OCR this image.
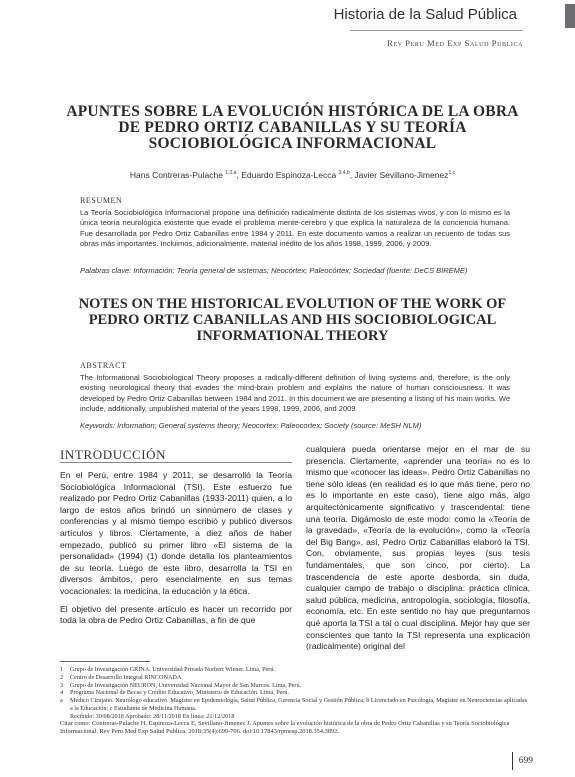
Historia de la Salud Pública
Rev Peru Med Exp Salud Publica
APUNTES SOBRE LA EVOLUCIÓN HISTÓRICA DE LA OBRA DE PEDRO ORTIZ CABANILLAS Y SU TEORÍA SOCIOBIOLÓGICA INFORMACIONAL
Hans Contreras-Pulache $^{1,2,a}$, Eduardo Espinoza-Lecca $^{3,4,b}$, Javier Sevillano-Jimenez$^{1,c}$
RESUMEN
La Teoría Sociobiológica Informacional propone una definición radicalmente distinta de los sistemas vivos, y con lo mismo es la única teoría neurológica existente que evade el problema mente-cerebro y que explica la naturaleza de la conciencia humana. Fue desarrollada por Pedro Ortiz Cabanillas entre 1984 y 2011. En este documento vamos a realizar un recuento de todas sus obras más importantes. Incluimos, adicionalmente, material inédito de los años 1998, 1999, 2006, y 2009.
Palabras clave: Información; Teoría general de sistemas; Neocórtex; Paleocórtex; Sociedad (fuente: DeCS BIREME)
NOTES ON THE HISTORICAL EVOLUTION OF THE WORK OF PEDRO ORTIZ CABANILLAS AND HIS SOCIOBIOLOGICAL INFORMATIONAL THEORY
ABSTRACT
The Informational Sociobiological Theory proposes a radically-different definition of living systems and, therefore, is the only existing neurological theory that evades the mind-brain problem and explains the nature of human consciousness. It was developed by Pedro Ortiz Cabanillas between 1984 and 2011. In this document we are presenting a listing of his main works. We include, additionally, unpublished material of the years 1998, 1999, 2006, and 2009.
Keywords: Information; General systems theory; Neocortex; Paleocortex; Society (source: MeSH NLM)
INTRODUCCIÓN

En el Perú, entre 1984 y 2011, se desarrolló la Teoría Sociobiológica Informacional (TSI). Este esfuerzo fue realizado por Pedro Ortiz Cabanillas (1933-2011) quien, a lo largo de estos años brindó un sinnúmero de clases y conferencias y al mismo tiempo escribió y publicó diversos artículos y libros. Ciertamente, a diez años de haber empezado, publicó su primer libro «El sistema de la personalidad» (1994) (1) donde detalla los planteamientos de su teoría. Luego de este libro, desarrolla la TSI en diversos ámbitos, pero esencialmente en sus temas vocacionales: la medicina, la educación y la ética.

El objetivo del presente artículo es hacer un recorrido por toda la obra de Pedro Ortiz Cabanillas, a fin de que

cualquiera pueda orientarse mejor en el mar de su presencia. Ciertamente, «aprender una teoría» no es lo mismo que «conocer las ideas». Pedro Ortiz Cabanillas no tiene sólo ideas (en realidad es lo que más tiene, pero no es lo importante en este caso), tiene algo más, algo arquitectónicamente significativo y trascendental: tiene una teoría. Digámoslo de este modo: como la «Teoría de la gravedad», «Teoría de la evolución», como la «Teoría del Big Bang», así, Pedro Ortiz Cabanillas elaboró la TSI. Con, obviamente, sus propias leyes (sus tesis fundamentales, que son cinco, por cierto). La trascendencia de este aporte desborda, sin duda, cualquier campo de trabajo o disciplina: práctica clínica, salud pública, medicina, antropología, sociología, filosofía, economía, etc. En este sentido no hay que preguntarnos qué aporta la TSI a tal o cual disciplina. Mejor hay que ser conscientes que tanto la TSI representa una explicación (radicalmente) original del

1	Grupo de Investigación GRINA. Universidad Privada Norbert Wiener. Lima, Perú.
2	Centro de Desarrollo Integral RINCONADA.
3	Grupo de Investigación NEURON, Universidad Nacional Mayor de San Marcos. Lima, Perú.
4	Programa Nacional de Becas y Crédito Educativo, Ministerio de Educación. Lima, Perú.
a	Médico Cirujano. Neurólogo educativo. Magíster en Epidemiología, Salud Pública, Gerencia Social y Gestión Pública; b Licenciado en Psicología, Magíster en Neurociencias aplicadas a la Educación; c Estudiante de Medicina Humana.
Recibido: 30/08/2018 Aprobado: 28/11/2018 En línea: 21/12/2018
Citar como: Contreras-Pulache H, Espinoza-Lecca E, Sevillano-Jimenez J. Apuntes sobre la evolución histórica de la obra de Pedro Ortiz Cabanillas y su Teoría Sociobiológica Informacional. Rev Peru Med Exp Salud Publica. 2018;35(4):699-706. doi:10.17843/rpmesp.2018.354.3892.
699
